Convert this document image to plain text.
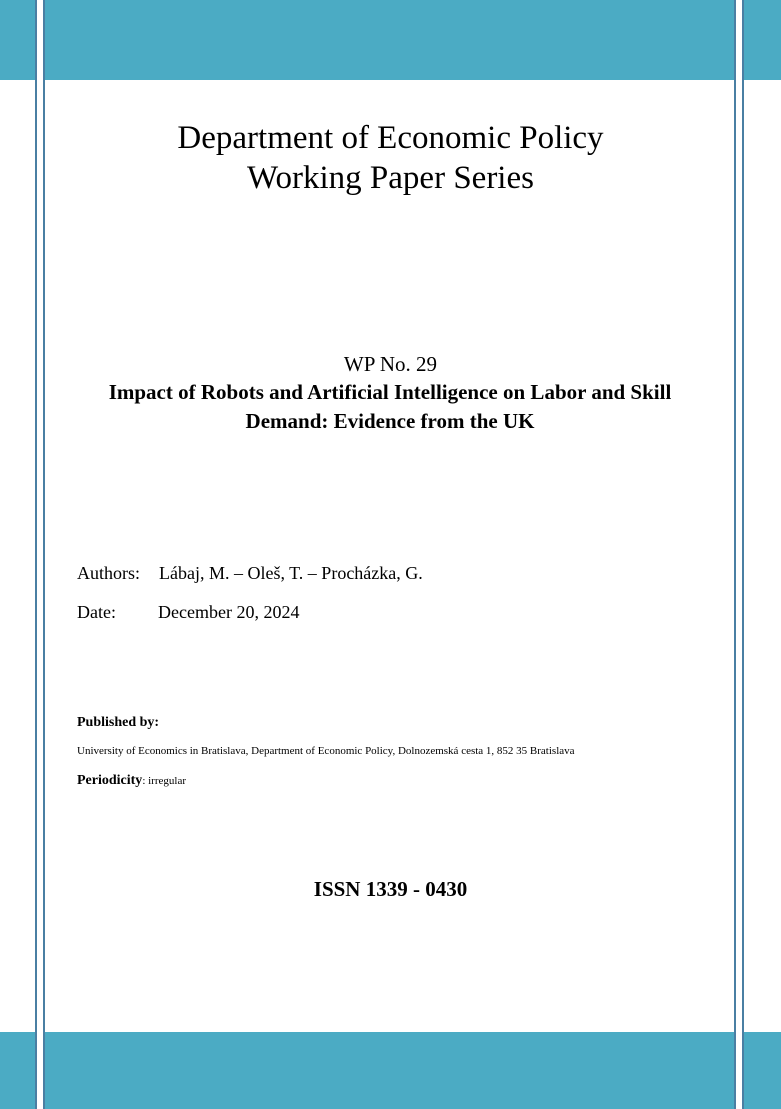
Department of Economic Policy
Working Paper Series
WP No. 29
Impact of Robots and Artificial Intelligence on Labor and Skill Demand: Evidence from the UK
Authors: Lábaj, M. – Oleš, T. – Procházka, G.
Date: December 20, 2024
Published by:
University of Economics in Bratislava, Department of Economic Policy, Dolnozemská cesta 1, 852 35 Bratislava
Periodicity: irregular
ISSN 1339 - 0430
